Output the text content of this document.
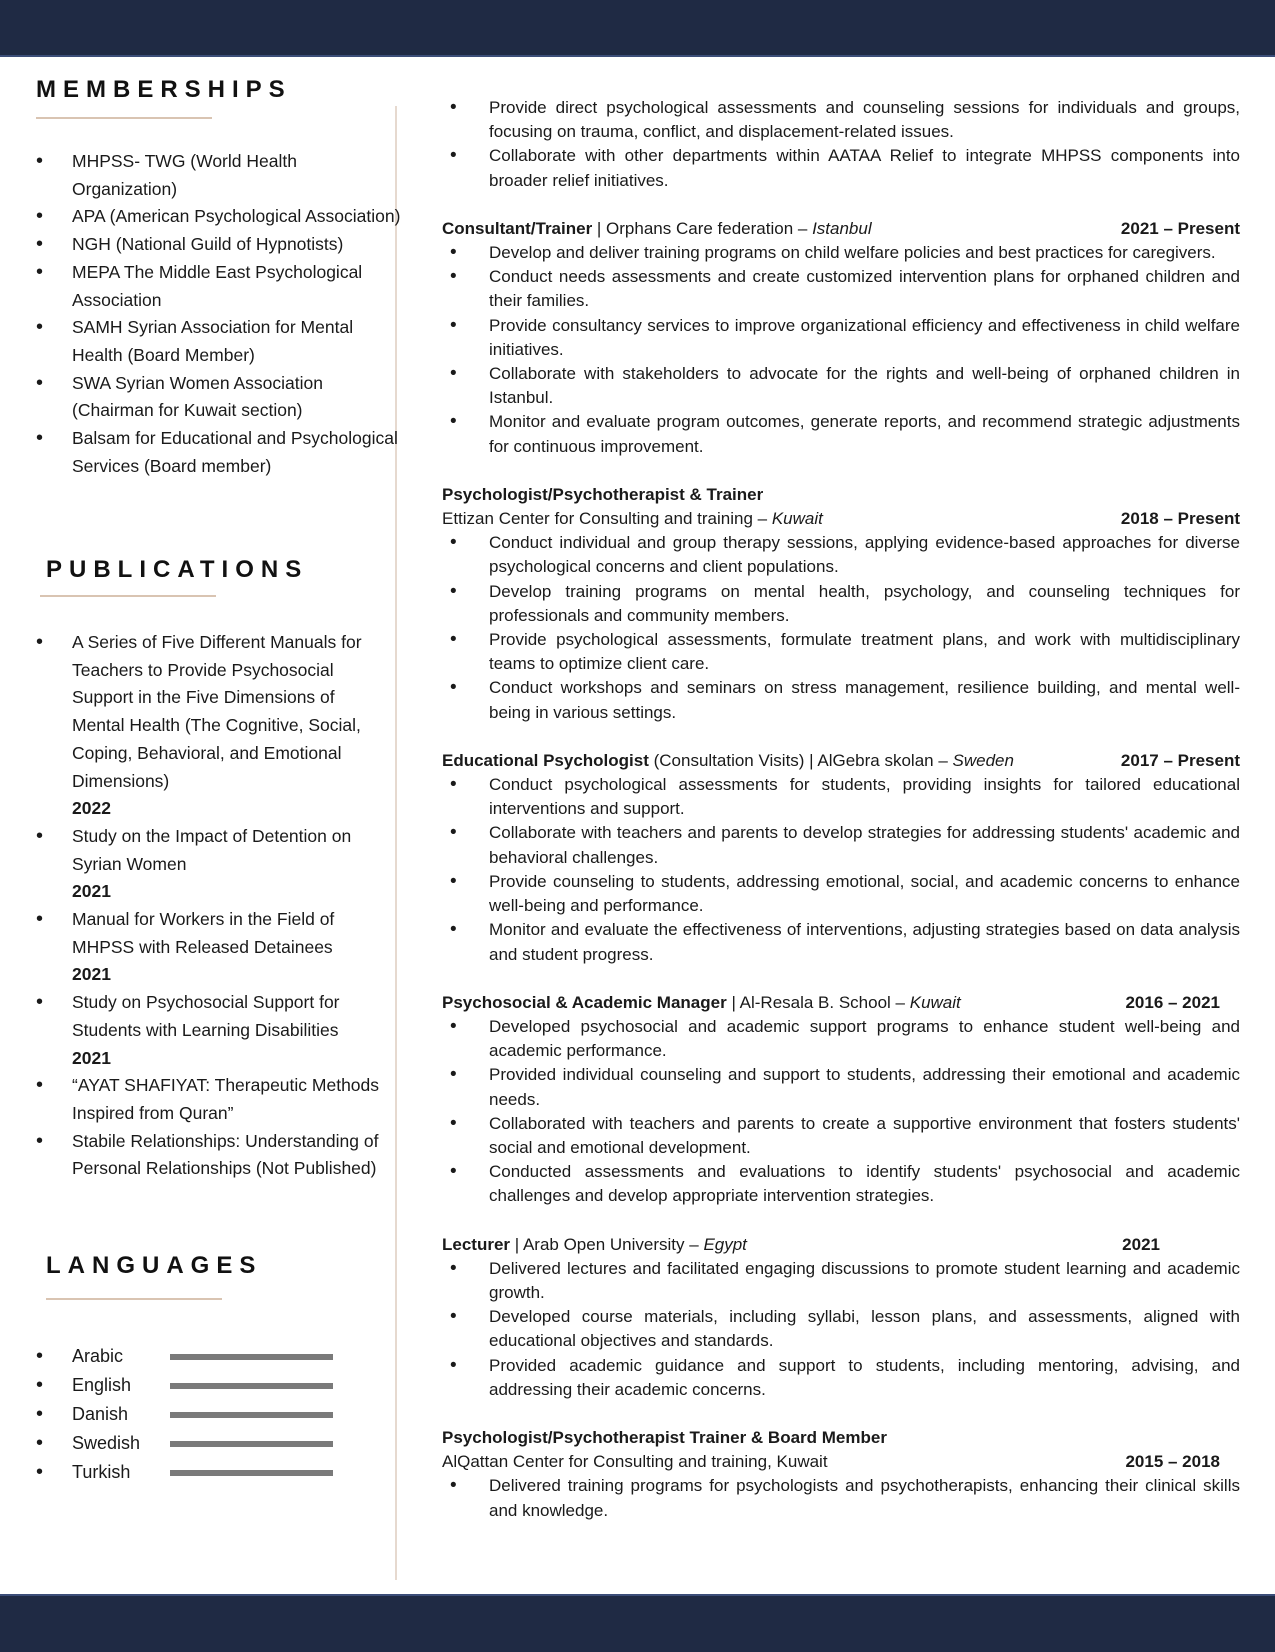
MEMBERSHIPS
• MHPSS- TWG (World Health Organization)
• APA (American Psychological Association)
• NGH (National Guild of Hypnotists)
• MEPA The Middle East Psychological Association
• SAMH Syrian Association for Mental Health (Board Member)
• SWA Syrian Women Association (Chairman for Kuwait section)
• Balsam for Educational and Psychological Services (Board member)
PUBLICATIONS
• A Series of Five Different Manuals for Teachers to Provide Psychosocial Support in the Five Dimensions of Mental Health (The Cognitive, Social, Coping, Behavioral, and Emotional Dimensions)
2022
• Study on the Impact of Detention on Syrian Women
2021
• Manual for Workers in the Field of MHPSS with Released Detainees
2021
• Study on Psychosocial Support for Students with Learning Disabilities
2021
• “AYAT SHAFIYAT: Therapeutic Methods Inspired from Quran”
• Stabile Relationships: Understanding of Personal Relationships (Not Published)
LANGUAGES
• Arabic
• English
• Danish
• Swedish
• Turkish
• Provide direct psychological assessments and counseling sessions for individuals and groups, focusing on trauma, conflict, and displacement-related issues.
• Collaborate with other departments within AATAA Relief to integrate MHPSS components into broader relief initiatives.
Consultant/Trainer | Orphans Care federation – Istanbul	2021 – Present
• Develop and deliver training programs on child welfare policies and best practices for caregivers.
• Conduct needs assessments and create customized intervention plans for orphaned children and their families.
• Provide consultancy services to improve organizational efficiency and effectiveness in child welfare initiatives.
• Collaborate with stakeholders to advocate for the rights and well-being of orphaned children in Istanbul.
• Monitor and evaluate program outcomes, generate reports, and recommend strategic adjustments for continuous improvement.
Psychologist/Psychotherapist & Trainer
Ettizan Center for Consulting and training – Kuwait	2018 – Present
• Conduct individual and group therapy sessions, applying evidence-based approaches for diverse psychological concerns and client populations.
• Develop training programs on mental health, psychology, and counseling techniques for professionals and community members.
• Provide psychological assessments, formulate treatment plans, and work with multidisciplinary teams to optimize client care.
• Conduct workshops and seminars on stress management, resilience building, and mental well-being in various settings.
Educational Psychologist (Consultation Visits) | AlGebra skolan – Sweden	2017 – Present
• Conduct psychological assessments for students, providing insights for tailored educational interventions and support.
• Collaborate with teachers and parents to develop strategies for addressing students' academic and behavioral challenges.
• Provide counseling to students, addressing emotional, social, and academic concerns to enhance well-being and performance.
• Monitor and evaluate the effectiveness of interventions, adjusting strategies based on data analysis and student progress.
Psychosocial & Academic Manager | Al-Resala B. School – Kuwait	2016 – 2021
• Developed psychosocial and academic support programs to enhance student well-being and academic performance.
• Provided individual counseling and support to students, addressing their emotional and academic needs.
• Collaborated with teachers and parents to create a supportive environment that fosters students' social and emotional development.
• Conducted assessments and evaluations to identify students' psychosocial and academic challenges and develop appropriate intervention strategies.
Lecturer | Arab Open University – Egypt	2021
• Delivered lectures and facilitated engaging discussions to promote student learning and academic growth.
• Developed course materials, including syllabi, lesson plans, and assessments, aligned with educational objectives and standards.
• Provided academic guidance and support to students, including mentoring, advising, and addressing their academic concerns.
Psychologist/Psychotherapist Trainer & Board Member
AlQattan Center for Consulting and training, Kuwait	2015 – 2018
• Delivered training programs for psychologists and psychotherapists, enhancing their clinical skills and knowledge.
